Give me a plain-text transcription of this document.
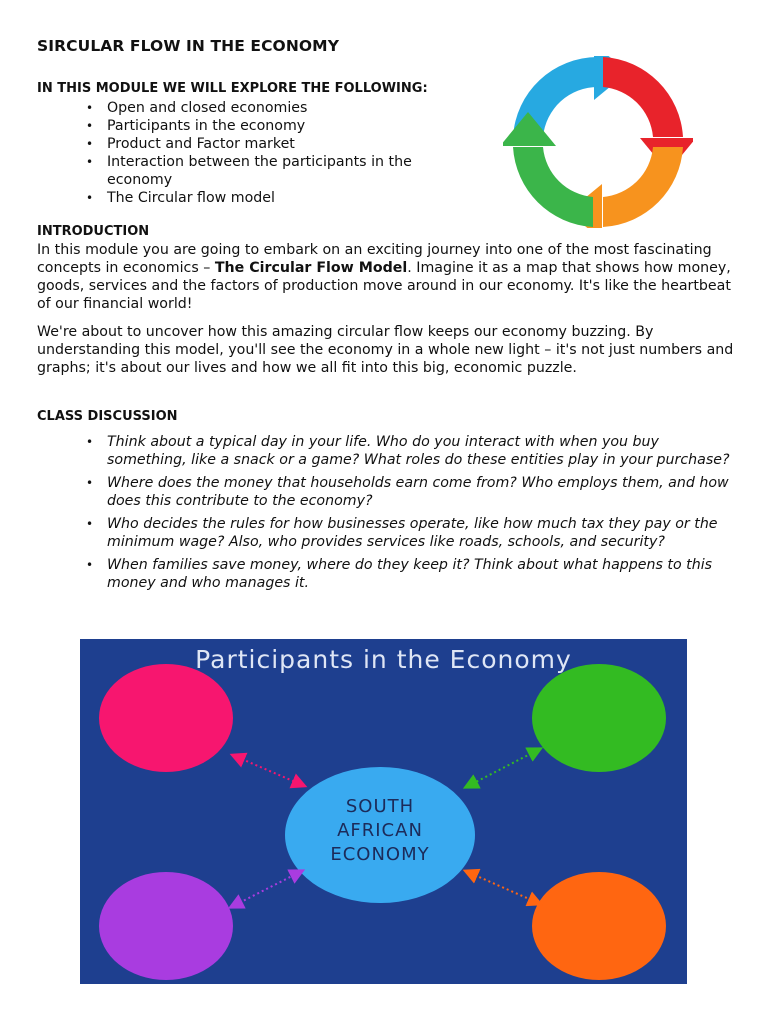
SIRCULAR FLOW IN THE ECONOMY
IN THIS MODULE WE WILL EXPLORE THE FOLLOWING:
• Open and closed economies
• Participants in the economy
• Product and Factor market
• Interaction between the participants in the economy
• The Circular flow model
INTRODUCTION

In this module you are going to embark on an exciting journey into one of the most fascinating concepts in economics – The Circular Flow Model. Imagine it as a map that shows how money, goods, services and the factors of production move around in our economy. It's like the heartbeat of our financial world!

We're about to uncover how this amazing circular flow keeps our economy buzzing. By understanding this model, you'll see the economy in a whole new light – it's not just numbers and graphs; it's about our lives and how we all fit into this big, economic puzzle.

CLASS DISCUSSION
• Think about a typical day in your life. Who do you interact with when you buy something, like a snack or a game? What roles do these entities play in your purchase?
• Where does the money that households earn come from? Who employs them, and how does this contribute to the economy?
• Who decides the rules for how businesses operate, like how much tax they pay or the minimum wage? Also, who provides services like roads, schools, and security?
• When families save money, where do they keep it? Think about what happens to this money and who manages it.
Participants in the Economy
SOUTH
AFRICAN
ECONOMY
